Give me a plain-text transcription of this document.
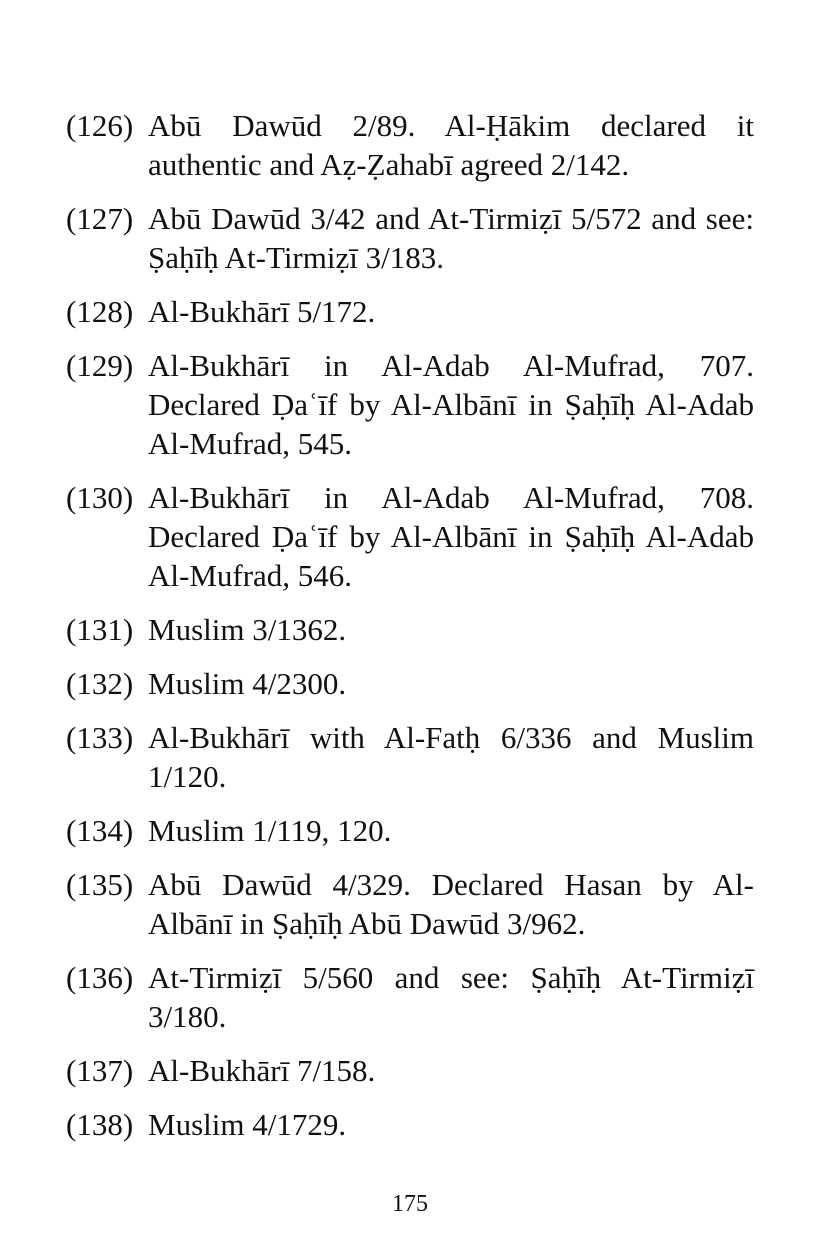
(126) Abū Dawūd 2/89. Al-Ḥākim declared it authentic and Aẓ-Ẓahabī agreed 2/142.
(127) Abū Dawūd 3/42 and At-Tirmiẓī 5/572 and see: Ṣaḥīḥ At-Tirmiẓī 3/183.
(128) Al-Bukhārī 5/172.
(129) Al-Bukhārī in Al-Adab Al-Mufrad, 707. Declared Ḍaʿīf by Al-Albānī in Ṣaḥīḥ Al-Adab Al-Mufrad, 545.
(130) Al-Bukhārī in Al-Adab Al-Mufrad, 708. Declared Ḍaʿīf by Al-Albānī in Ṣaḥīḥ Al-Adab Al-Mufrad, 546.
(131) Muslim 3/1362.
(132) Muslim 4/2300.
(133) Al-Bukhārī with Al-Fatḥ 6/336 and Muslim 1/120.
(134) Muslim 1/119, 120.
(135) Abū Dawūd 4/329. Declared Hasan by Al-Albānī in Ṣaḥīḥ Abū Dawūd 3/962.
(136) At-Tirmiẓī 5/560 and see: Ṣaḥīḥ At-Tirmiẓī 3/180.
(137) Al-Bukhārī 7/158.
(138) Muslim 4/1729.
175
